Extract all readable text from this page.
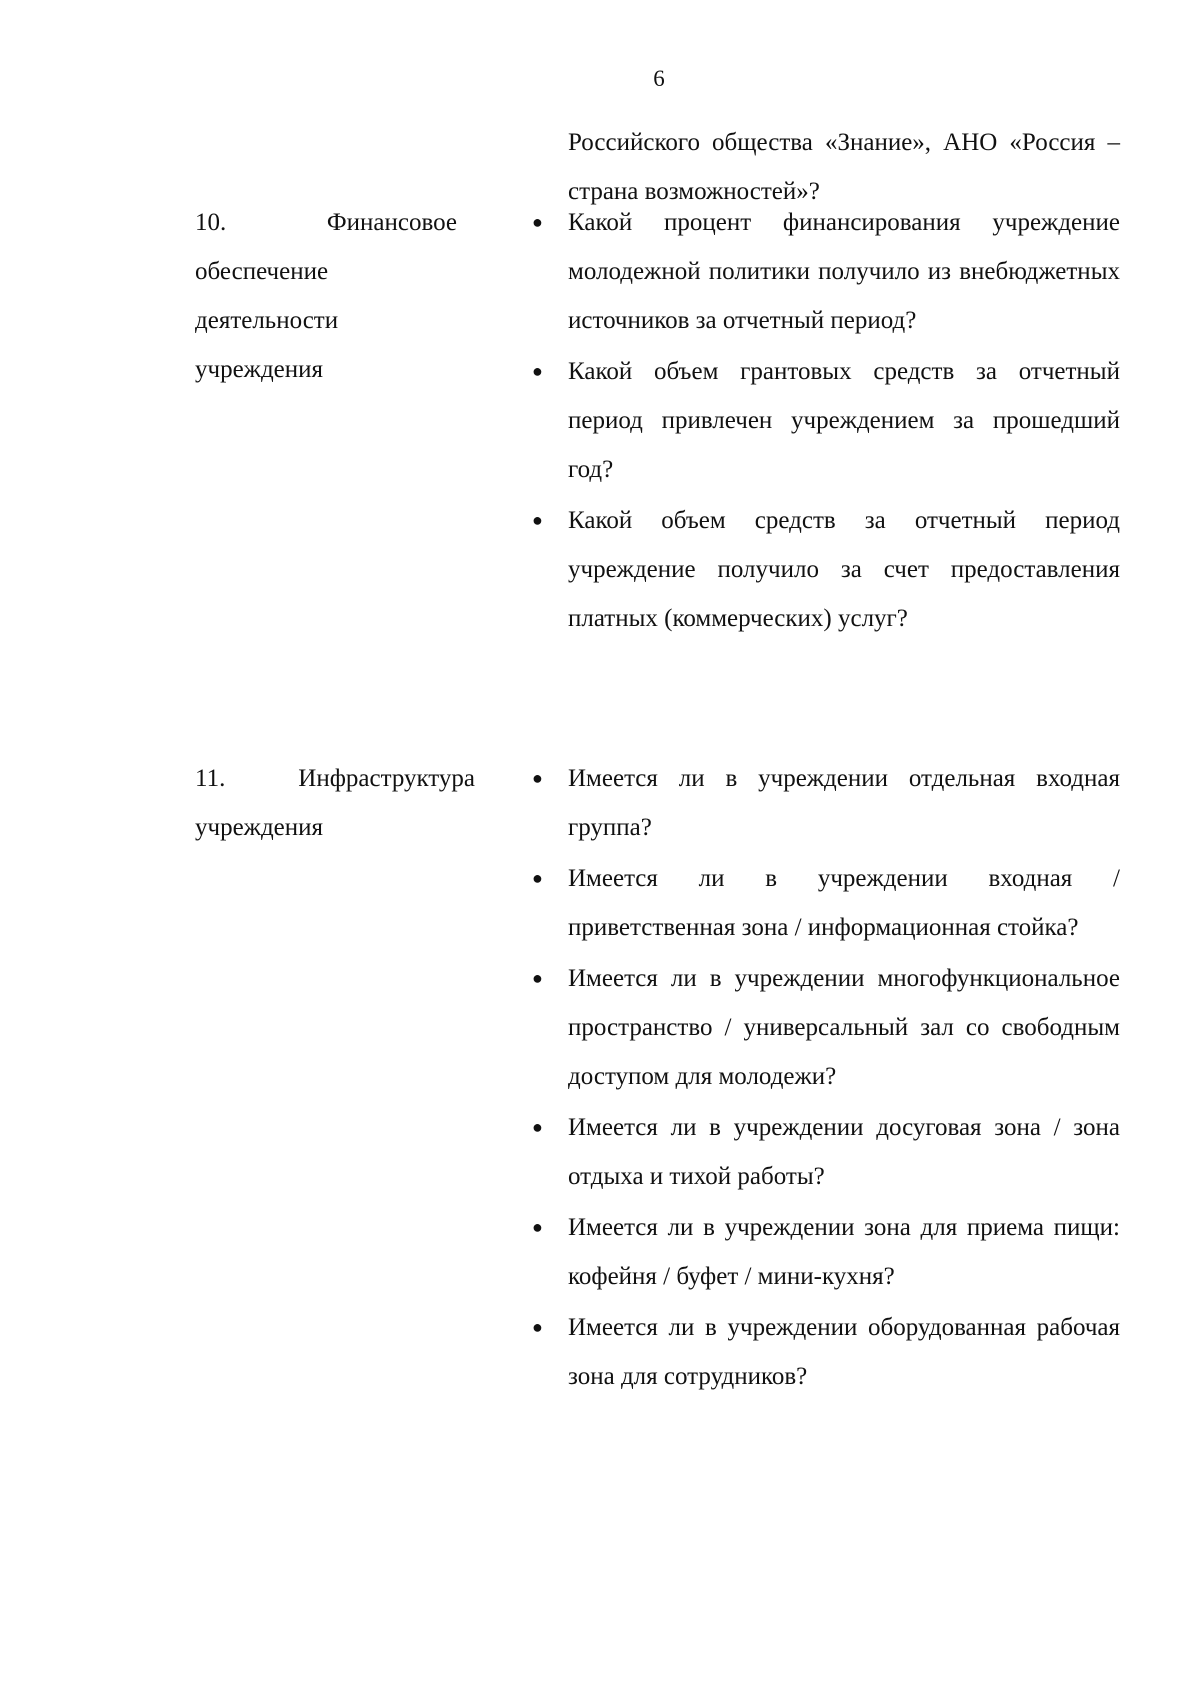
6
Российского общества «Знание», АНО «Россия – страна возможностей»?
10.	Финансовое
обеспечение деятельности учреждения
● Какой процент финансирования учреждение молодежной политики получило из внебюджетных источников за отчетный период?
● Какой объем грантовых средств за отчетный период привлечен учреждением за прошедший год?
● Какой объем средств за отчетный период учреждение получило за счет предоставления платных (коммерческих) услуг?
11.	Инфраструктура
учреждения
● Имеется ли в учреждении отдельная входная группа?
● Имеется ли в учреждении входная / приветственная зона / информационная стойка?
● Имеется ли в учреждении многофункциональное пространство / универсальный зал со свободным доступом для молодежи?
● Имеется ли в учреждении досуговая зона / зона отдыха и тихой работы?
● Имеется ли в учреждении зона для приема пищи: кофейня / буфет / мини-кухня?
● Имеется ли в учреждении оборудованная рабочая зона для сотрудников?
